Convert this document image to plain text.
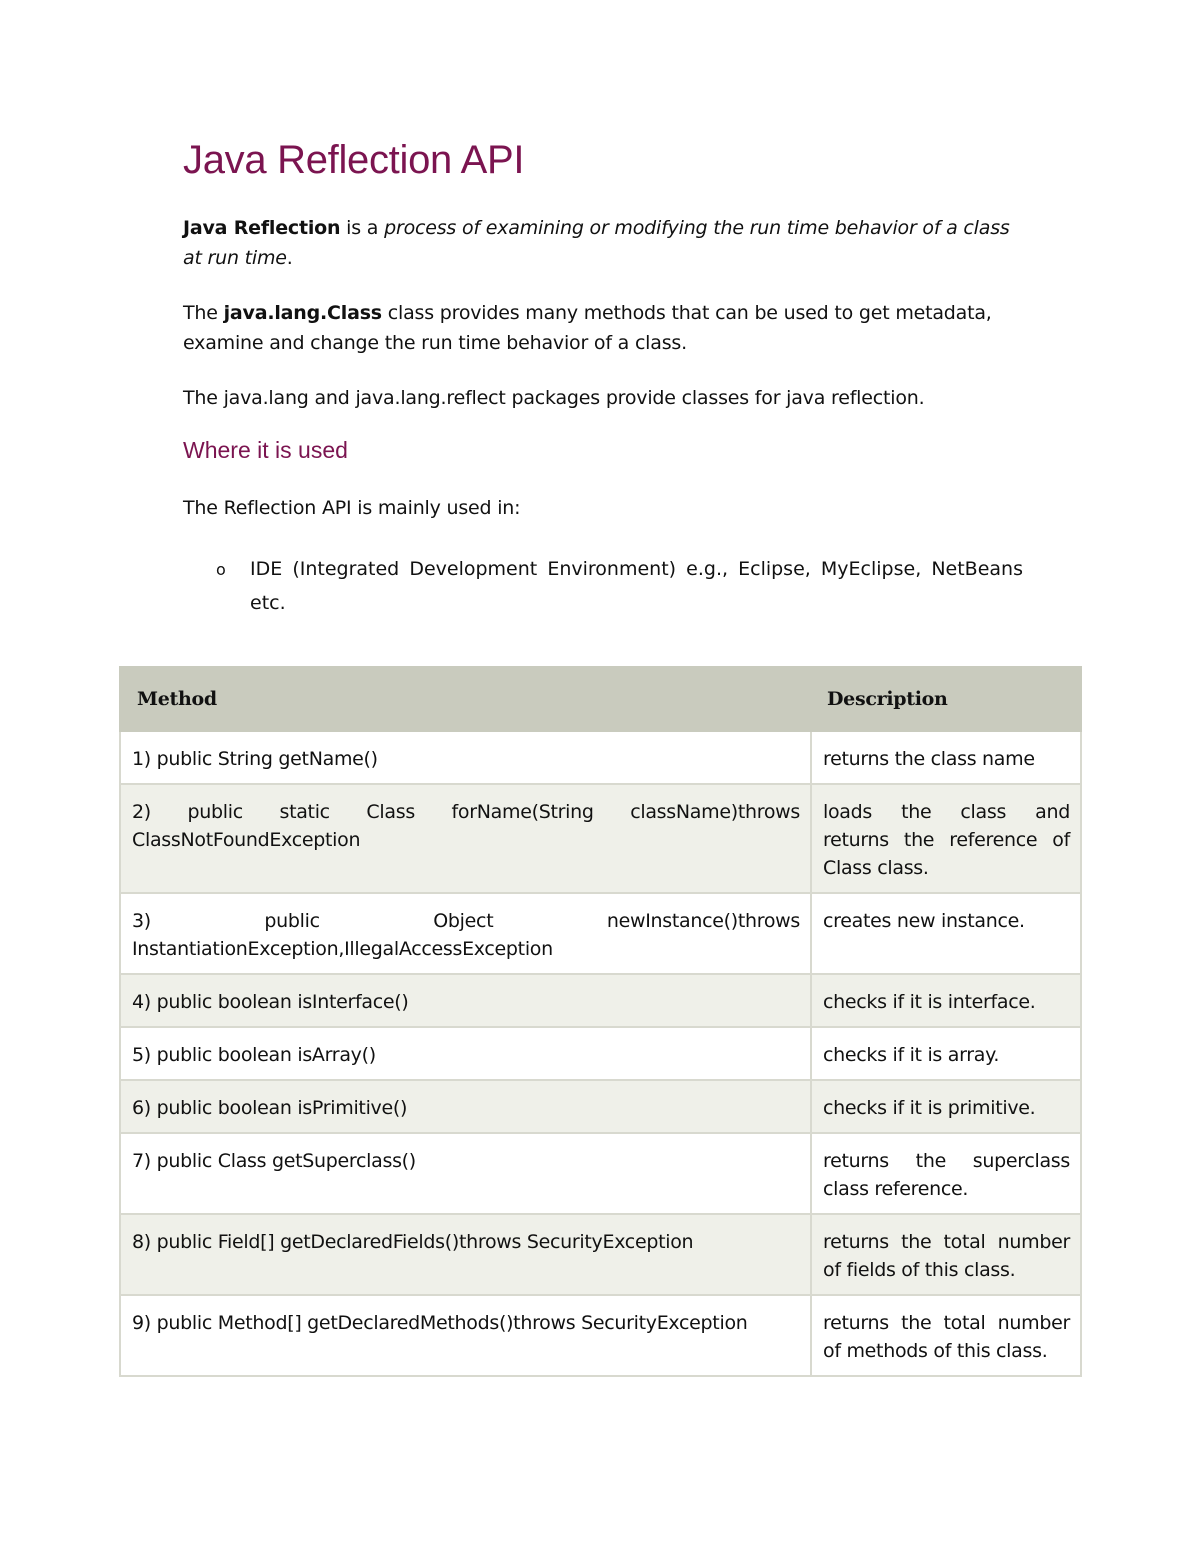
Java Reflection API

Java Reflection is a process of examining or modifying the run time behavior of a class at run time.

The java.lang.Class class provides many methods that can be used to get metadata, examine and change the run time behavior of a class.

The java.lang and java.lang.reflect packages provide classes for java reflection.

Where it is used

The Reflection API is mainly used in:

o IDE (Integrated Development Environment) e.g., Eclipse, MyEclipse, NetBeans etc.
Method	Description
1) public String getName()	returns the class name
2) public static Class forName(String className)throws ClassNotFoundException	loads the class and returns the reference of Class class.
3) public Object newInstance()throws InstantiationException,IllegalAccessException	creates new instance.
4) public boolean isInterface()	checks if it is interface.
5) public boolean isArray()	checks if it is array.
6) public boolean isPrimitive()	checks if it is primitive.
7) public Class getSuperclass()	returns the superclass class reference.
8) public Field[] getDeclaredFields()throws SecurityException	returns the total number of fields of this class.
9) public Method[] getDeclaredMethods()throws SecurityException	returns the total number of methods of this class.
